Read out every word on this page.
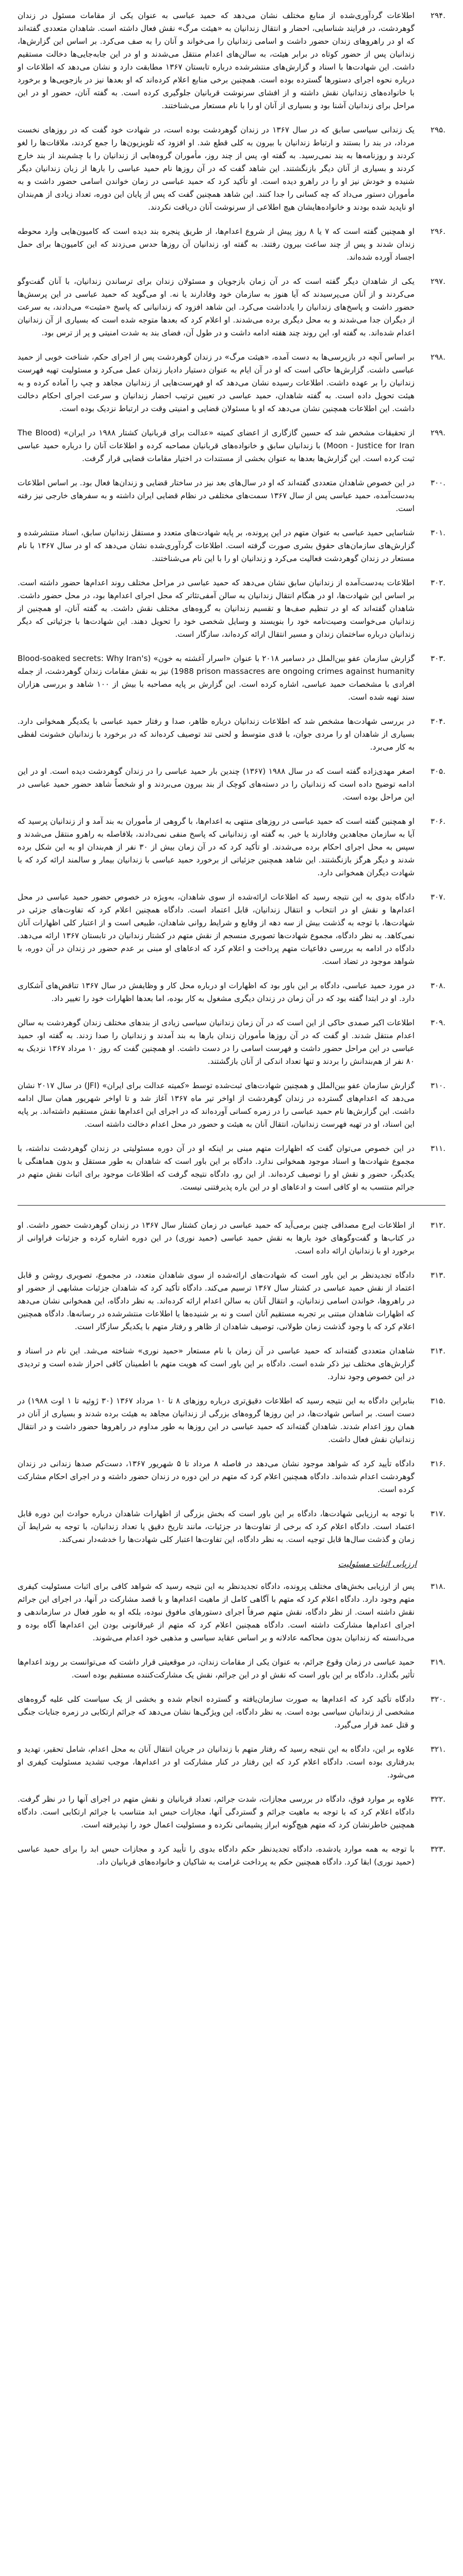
۲۹۴.
اطلاعات گردآوری‌شده از منابع مختلف نشان می‌دهد که حمید عباسی به عنوان یکی از مقامات مسئول در زندان گوهردشت، در فرایند شناسایی، احضار و انتقال زندانیان به «هیئت مرگ» نقش فعال داشته است. شاهدان متعددی گفته‌اند که او در راهروهای زندان حضور داشت و اسامی زندانیان را می‌خواند و آنان را به صف می‌کرد. بر اساس این گزارش‌ها، زندانیان پس از حضور کوتاه در برابر هیئت، به سالن‌های اعدام منتقل می‌شدند و او در این جابه‌جایی‌ها دخالت مستقیم داشت. این شهادت‌ها با اسناد و گزارش‌های منتشرشده درباره تابستان ۱۳۶۷ مطابقت دارد و نشان می‌دهد که اطلاعات او درباره نحوه اجرای دستورها گسترده بوده است. همچنین برخی منابع اعلام کرده‌اند که او بعدها نیز در بازجویی‌ها و برخورد با خانواده‌های زندانیان نقش داشته و از افشای سرنوشت قربانیان جلوگیری کرده است. به گفته آنان، حضور او در این مراحل برای زندانیان آشنا بود و بسیاری از آنان او را با نام مستعار می‌شناختند.
۲۹۵.
یک زندانی سیاسی سابق که در سال ۱۳۶۷ در زندان گوهردشت بوده است، در شهادت خود گفت که در روزهای نخست مرداد، در بند را بستند و ارتباط زندانیان با بیرون به کلی قطع شد. او افزود که تلویزیون‌ها را جمع کردند، ملاقات‌ها را لغو کردند و روزنامه‌ها به بند نمی‌رسید. به گفته او، پس از چند روز، مأموران گروه‌هایی از زندانیان را با چشم‌بند از بند خارج کردند و بسیاری از آنان دیگر بازنگشتند. این شاهد گفت که در آن روزها نام حمید عباسی را بارها از زبان زندانیان دیگر شنیده و خودش نیز او را در راهرو دیده است. او تأکید کرد که حمید عباسی در زمان خواندن اسامی حضور داشت و به مأموران دستور می‌داد که چه کسانی را جدا کنند. این شاهد همچنین گفت که پس از پایان این دوره، تعداد زیادی از هم‌بندان او ناپدید شده بودند و خانواده‌هایشان هیچ اطلاعی از سرنوشت آنان دریافت نکردند.
۲۹۶.
او همچنین گفته است که ۷ یا ۸ روز پیش از شروع اعدام‌ها، از طریق پنجره بند دیده است که کامیون‌هایی وارد محوطه زندان شدند و پس از چند ساعت بیرون رفتند. به گفته او، زندانیان آن روزها حدس می‌زدند که این کامیون‌ها برای حمل اجساد آورده شده‌اند.
۲۹۷.
یکی از شاهدان دیگر گفته است که در آن زمان بازجویان و مسئولان زندان برای ترساندن زندانیان، با آنان گفت‌وگو می‌کردند و از آنان می‌پرسیدند که آیا هنوز به سازمان خود وفادارند یا نه. او می‌گوید که حمید عباسی در این پرسش‌ها حضور داشت و پاسخ‌های زندانیان را یادداشت می‌کرد. این شاهد افزود که زندانیانی که پاسخ «مثبت» می‌دادند، به سرعت از دیگران جدا می‌شدند و به محل دیگری برده می‌شدند. او اعلام کرد که بعدها متوجه شده است که بسیاری از آن زندانیان اعدام شده‌اند. به گفته او، این روند چند هفته ادامه داشت و در طول آن، فضای بند به شدت امنیتی و پر از ترس بود.
۲۹۸.
بر اساس آنچه در بازپرسی‌ها به دست آمده، «هیئت مرگ» در زندان گوهردشت پس از اجرای حکم، شناخت خوبی از حمید عباسی داشت. گزارش‌ها حاکی است که او در آن ایام به عنوان دستیار دادیار زندان عمل می‌کرد و مسئولیت تهیه فهرست زندانیان را بر عهده داشت. اطلاعات رسیده نشان می‌دهد که او فهرست‌هایی از زندانیان مجاهد و چپ را آماده کرده و به هیئت تحویل داده است. به گفته شاهدان، حمید عباسی در تعیین ترتیب احضار زندانیان و سرعت اجرای احکام دخالت داشت. این اطلاعات همچنین نشان می‌دهد که او با مسئولان قضایی و امنیتی وقت در ارتباط نزدیک بوده است.
۲۹۹.
از تحقیقات مشخص شد که حسین گازگاری از اعضای کمیته «عدالت برای قربانیان کشتار ۱۹۸۸ در ایران» (The Blood Moon - Justice for Iran) با زندانیان سابق و خانواده‌های قربانیان مصاحبه کرده و اطلاعات آنان را درباره حمید عباسی ثبت کرده است. این گزارش‌ها بعدها به عنوان بخشی از مستندات در اختیار مقامات قضایی قرار گرفت.
۳۰۰.
در این خصوص شاهدان متعددی گفته‌اند که او در سال‌های بعد نیز در ساختار قضایی و زندان‌ها فعال بود. بر اساس اطلاعات به‌دست‌آمده، حمید عباسی پس از سال ۱۳۶۷ سمت‌های مختلفی در نظام قضایی ایران داشته و به سفرهای خارجی نیز رفته است.
۳۰۱.
شناسایی حمید عباسی به عنوان متهم در این پرونده، بر پایه شهادت‌های متعدد و مستقل زندانیان سابق، اسناد منتشرشده و گزارش‌های سازمان‌های حقوق بشری صورت گرفته است. اطلاعات گردآوری‌شده نشان می‌دهد که او در سال ۱۳۶۷ با نام مستعار در زندان گوهردشت فعالیت می‌کرد و زندانیان او را با این نام می‌شناختند.
۳۰۲.
اطلاعات به‌دست‌آمده از زندانیان سابق نشان می‌دهد که حمید عباسی در مراحل مختلف روند اعدام‌ها حضور داشته است. بر اساس این شهادت‌ها، او در هنگام انتقال زندانیان به سالن آمفی‌تئاتر که محل اجرای اعدام‌ها بود، در محل حضور داشت. شاهدان گفته‌اند که او در تنظیم صف‌ها و تقسیم زندانیان به گروه‌های مختلف نقش داشت. به گفته آنان، او همچنین از زندانیان می‌خواست وصیت‌نامه خود را بنویسند و وسایل شخصی خود را تحویل دهند. این شهادت‌ها با جزئیاتی که دیگر زندانیان درباره ساختمان زندان و مسیر انتقال ارائه کرده‌اند، سازگار است.
۳۰۳.
گزارش سازمان عفو بین‌الملل در دسامبر ۲۰۱۸ با عنوان «اسرار آغشته به خون» (Blood-soaked secrets: Why Iran's 1988 prison massacres are ongoing crimes against humanity) نیز به نقش مقامات زندان گوهردشت، از جمله افرادی با مشخصات حمید عباسی، اشاره کرده است. این گزارش بر پایه مصاحبه با بیش از ۱۰۰ شاهد و بررسی هزاران سند تهیه شده است.
۳۰۴.
در بررسی شهادت‌ها مشخص شد که اطلاعات زندانیان درباره ظاهر، صدا و رفتار حمید عباسی با یکدیگر همخوانی دارد. بسیاری از شاهدان او را مردی جوان، با قدی متوسط و لحنی تند توصیف کرده‌اند که در برخورد با زندانیان خشونت لفظی به کار می‌برد.
۳۰۵.
اصغر مهدی‌زاده گفته است که در سال ۱۹۸۸ (۱۳۶۷) چندین بار حمید عباسی را در زندان گوهردشت دیده است. او در این ادامه توضیح داده است که زندانیان را در دسته‌های کوچک از بند بیرون می‌بردند و او شخصاً شاهد حضور حمید عباسی در این مراحل بوده است.
۳۰۶.
او همچنین گفته است که حمید عباسی در روزهای منتهی به اعدام‌ها، با گروهی از مأموران به بند آمد و از زندانیان پرسید که آیا به سازمان مجاهدین وفادارند یا خیر. به گفته او، زندانیانی که پاسخ منفی نمی‌دادند، بلافاصله به راهرو منتقل می‌شدند و سپس به محل اجرای احکام برده می‌شدند. او تأکید کرد که در آن زمان بیش از ۳۰ نفر از هم‌بندان او به این شکل برده شدند و دیگر هرگز بازنگشتند. این شاهد همچنین جزئیاتی از برخورد حمید عباسی با زندانیان بیمار و سالمند ارائه کرد که با شهادت دیگران همخوانی دارد.
۳۰۷.
دادگاه بدوی به این نتیجه رسید که اطلاعات ارائه‌شده از سوی شاهدان، به‌ویژه در خصوص حضور حمید عباسی در محل اعدام‌ها و نقش او در انتخاب و انتقال زندانیان، قابل اعتماد است. دادگاه همچنین اعلام کرد که تفاوت‌های جزئی در شهادت‌ها، با توجه به گذشت بیش از سه دهه از وقایع و شرایط روانی شاهدان، طبیعی است و از اعتبار کلی اظهارات آنان نمی‌کاهد. به نظر دادگاه، مجموع شهادت‌ها تصویری منسجم از نقش متهم در کشتار زندانیان در تابستان ۱۳۶۷ ارائه می‌دهد. دادگاه در ادامه به بررسی دفاعیات متهم پرداخت و اعلام کرد که ادعاهای او مبنی بر عدم حضور در زندان در آن دوره، با شواهد موجود در تضاد است.
۳۰۸.
در مورد حمید عباسی، دادگاه بر این باور بود که اظهارات او درباره محل کار و وظایفش در سال ۱۳۶۷ تناقض‌های آشکاری دارد. او در ابتدا گفته بود که در آن زمان در زندان دیگری مشغول به کار بوده، اما بعدها اظهارات خود را تغییر داد.
۳۰۹.
اطلاعات اکبر صمدی حاکی از این است که در آن زمان زندانیان سیاسی زیادی از بندهای مختلف زندان گوهردشت به سالن اعدام منتقل شدند. او گفت که در آن روزها مأموران زندان بارها به بند آمدند و زندانیان را صدا زدند. به گفته او، حمید عباسی در این مراحل حضور داشت و فهرست اسامی را در دست داشت. او همچنین گفت که روز ۱۰ مرداد ۱۳۶۷ نزدیک به ۸۰ نفر از هم‌بندانش را بردند و تنها تعداد اندکی از آنان بازگشتند.
۳۱۰.
گزارش سازمان عفو بین‌الملل و همچنین شهادت‌های ثبت‌شده توسط «کمیته عدالت برای ایران» (JFI) در سال ۲۰۱۷ نشان می‌دهد که اعدام‌های گسترده در زندان گوهردشت از اواخر تیر ماه ۱۳۶۷ آغاز شد و تا اواخر شهریور همان سال ادامه داشت. این گزارش‌ها نام حمید عباسی را در زمره کسانی آورده‌اند که در اجرای این اعدام‌ها نقش مستقیم داشته‌اند. بر پایه این اسناد، او در تهیه فهرست زندانیان، انتقال آنان به هیئت و حضور در محل اعدام دخالت داشته است.
۳۱۱.
در این خصوص می‌توان گفت که اظهارات متهم مبنی بر اینکه او در آن دوره مسئولیتی در زندان گوهردشت نداشته، با مجموع شهادت‌ها و اسناد موجود همخوانی ندارد. دادگاه بر این باور است که شاهدان به طور مستقل و بدون هماهنگی با یکدیگر، حضور و نقش او را توصیف کرده‌اند. از این رو، دادگاه نتیجه گرفت که اطلاعات موجود برای اثبات نقش متهم در جرائم منتسب به او کافی است و ادعاهای او در این باره پذیرفتنی نیست.
۳۱۲.
از اطلاعات ایرج مصداقی چنین برمی‌آید که حمید عباسی در زمان کشتار سال ۱۳۶۷ در زندان گوهردشت حضور داشت. او در کتاب‌ها و گفت‌وگوهای خود بارها به نقش حمید عباسی (حمید نوری) در این دوره اشاره کرده و جزئیات فراوانی از برخورد او با زندانیان ارائه داده است.
۳۱۳.
دادگاه تجدیدنظر بر این باور است که شهادت‌های ارائه‌شده از سوی شاهدان متعدد، در مجموع، تصویری روشن و قابل اعتماد از نقش حمید عباسی در کشتار سال ۱۳۶۷ ترسیم می‌کند. دادگاه تأکید کرد که شاهدان جزئیات مشابهی از حضور او در راهروها، خواندن اسامی زندانیان، و انتقال آنان به سالن اعدام ارائه کرده‌اند. به نظر دادگاه، این همخوانی نشان می‌دهد که اظهارات شاهدان مبتنی بر تجربه مستقیم آنان است و نه بر شنیده‌ها یا اطلاعات منتشرشده در رسانه‌ها. دادگاه همچنین اعلام کرد که با وجود گذشت زمان طولانی، توصیف شاهدان از ظاهر و رفتار متهم با یکدیگر سازگار است.
۳۱۴.
شاهدان متعددی گفته‌اند که حمید عباسی در آن زمان با نام مستعار «حمید نوری» شناخته می‌شد. این نام در اسناد و گزارش‌های مختلف نیز ذکر شده است. دادگاه بر این باور است که هویت متهم با اطمینان کافی احراز شده است و تردیدی در این خصوص وجود ندارد.
۳۱۵.
بنابراین دادگاه به این نتیجه رسید که اطلاعات دقیق‌تری درباره روزهای ۸ تا ۱۰ مرداد ۱۳۶۷ (۳۰ ژوئیه تا ۱ اوت ۱۹۸۸) در دست است. بر اساس شهادت‌ها، در این روزها گروه‌های بزرگی از زندانیان مجاهد به هیئت برده شدند و بسیاری از آنان در همان روز اعدام شدند. شاهدان گفته‌اند که حمید عباسی در این روزها به طور مداوم در راهروها حضور داشت و در انتقال زندانیان نقش فعال داشت.
۳۱۶.
دادگاه تأیید کرد که شواهد موجود نشان می‌دهد در فاصله ۸ مرداد تا ۵ شهریور ۱۳۶۷، دست‌کم صدها زندانی در زندان گوهردشت اعدام شده‌اند. دادگاه همچنین اعلام کرد که متهم در این دوره در زندان حضور داشته و در اجرای احکام مشارکت کرده است.
۳۱۷.
با توجه به ارزیابی شهادت‌ها، دادگاه بر این باور است که بخش بزرگی از اظهارات شاهدان درباره حوادث این دوره قابل اعتماد است. دادگاه اعلام کرد که برخی از تفاوت‌ها در جزئیات، مانند تاریخ دقیق یا تعداد زندانیان، با توجه به شرایط آن زمان و گذشت سال‌ها قابل توجیه است. به نظر دادگاه، این تفاوت‌ها اعتبار کلی شهادت‌ها را خدشه‌دار نمی‌کند.
ارزیابی اثبات مسئولیت
۳۱۸.
پس از ارزیابی بخش‌های مختلف پرونده، دادگاه تجدیدنظر به این نتیجه رسید که شواهد کافی برای اثبات مسئولیت کیفری متهم وجود دارد. دادگاه اعلام کرد که متهم با آگاهی کامل از ماهیت اعدام‌ها و با قصد مشارکت در آنها، در اجرای این جرائم نقش داشته است. از نظر دادگاه، نقش متهم صرفاً اجرای دستورهای مافوق نبوده، بلکه او به طور فعال در سازماندهی و اجرای اعدام‌ها مشارکت داشته است. دادگاه همچنین اعلام کرد که متهم از غیرقانونی بودن این اعدام‌ها آگاه بوده و می‌دانسته که زندانیان بدون محاکمه عادلانه و بر اساس عقاید سیاسی و مذهبی خود اعدام می‌شوند.
۳۱۹.
حمید عباسی در زمان وقوع جرائم، به عنوان یکی از مقامات زندان، در موقعیتی قرار داشت که می‌توانست بر روند اعدام‌ها تأثیر بگذارد. دادگاه بر این باور است که نقش او در این جرائم، نقش یک مشارکت‌کننده مستقیم بوده است.
۳۲۰.
دادگاه تأکید کرد که اعدام‌ها به صورت سازمان‌یافته و گسترده انجام شده و بخشی از یک سیاست کلی علیه گروه‌های مشخصی از زندانیان سیاسی بوده است. به نظر دادگاه، این ویژگی‌ها نشان می‌دهد که جرائم ارتکابی در زمره جنایات جنگی و قتل عمد قرار می‌گیرد.
۳۲۱.
علاوه بر این، دادگاه به این نتیجه رسید که رفتار متهم با زندانیان در جریان انتقال آنان به محل اعدام، شامل تحقیر، تهدید و بدرفتاری بوده است. دادگاه اعلام کرد که این رفتار در کنار مشارکت او در اعدام‌ها، موجب تشدید مسئولیت کیفری او می‌شود.
۳۲۲.
علاوه بر موارد فوق، دادگاه در بررسی مجازات، شدت جرائم، تعداد قربانیان و نقش متهم در اجرای آنها را در نظر گرفت. دادگاه اعلام کرد که با توجه به ماهیت جرائم و گستردگی آنها، مجازات حبس ابد متناسب با جرائم ارتکابی است. دادگاه همچنین خاطرنشان کرد که متهم هیچ‌گونه ابراز پشیمانی نکرده و مسئولیت اعمال خود را نپذیرفته است.
۳۲۳.
با توجه به همه موارد یادشده، دادگاه تجدیدنظر حکم دادگاه بدوی را تأیید کرد و مجازات حبس ابد را برای حمید عباسی (حمید نوری) ابقا کرد. دادگاه همچنین حکم به پرداخت غرامت به شاکیان و خانواده‌های قربانیان داد.
